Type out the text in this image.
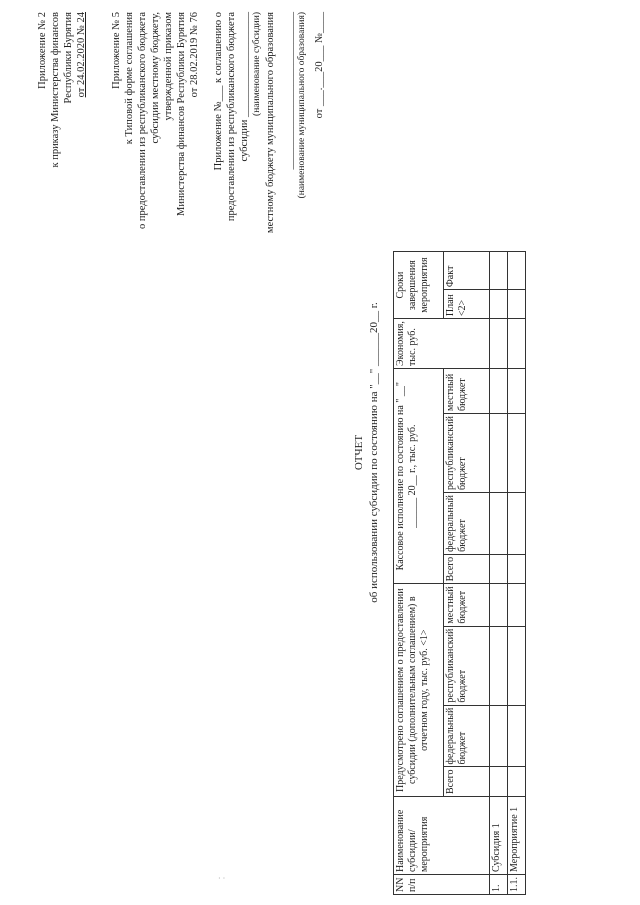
Приложение № 2 к приказу Министерства финансов Республики Бурятия от 24.02.2020 № 24 Приложение № 5 к Типовой форме соглашения о предоставлении из республиканского бюджета субсидии местному бюджету, утвержденной приказом Министерства финансов Республики Бурятия от 28.02.2019 № 76 Приложение №___ к соглашению о предоставлении из республиканского бюджета субсидии ____________________ (наименование субсидии) местному бюджету муниципального образования ______________________________ (наименование муниципального образования) от ___.___20___ №____
ОТЧЕТ об использовании субсидии по состоянию на "__" ______20__ г.
NN п/п	Наименование субсидии/мероприятия	Предусмотрено соглашением о предоставлении субсидии (дополнительным соглашением) в отчетном году, тыс. руб. <1>				Кассовое исполнение по состоянию на " __" ______ 20__ г., тыс. руб.				Экономия, тыс. руб.	Сроки завершения мероприятия	
		Всего	федеральный бюджет	республиканский бюджет	местный бюджет	Всего	федеральный бюджет	республиканский бюджет	местный бюджет		План <2>	Факт
1.	Субсидия 1											
1.1.	Мероприятие 1											
· ·
